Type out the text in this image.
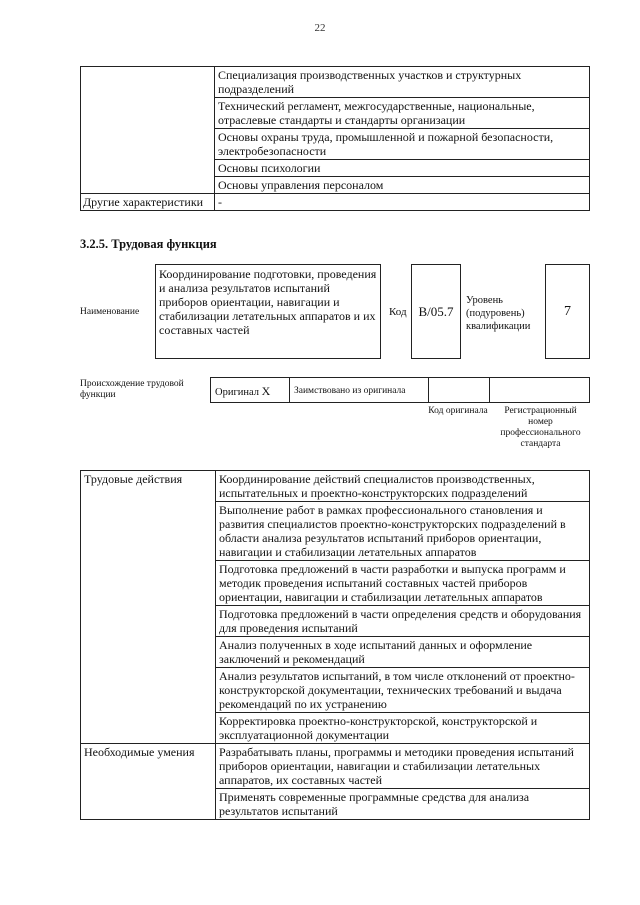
22
	Специализация производственных участков и структурных подразделений
	Технический регламент, межгосударственные, национальные, отраслевые стандарты и стандарты организации
	Основы охраны труда, промышленной и пожарной безопасности, электробезопасности
	Основы психологии
	Основы управления персоналом
Другие характеристики	-
3.2.5. Трудовая функция
Наименование
Координирование подготовки, проведения и анализа результатов испытаний приборов ориентации, навигации и стабилизации летательных аппаратов и их составных частей
Код B/05.7
Уровень (подуровень) квалификации
7
Происхождение трудовой функции	Оригинал X	Заимствовано из оригинала
Код оригинала	Регистрационный номер профессионального стандарта
Трудовые действия	Координирование действий специалистов производственных, испытательных и проектно-конструкторских подразделений
	Выполнение работ в рамках профессионального становления и развития специалистов проектно-конструкторских подразделений в области анализа результатов испытаний приборов ориентации, навигации и стабилизации летательных аппаратов
	Подготовка предложений в части разработки и выпуска программ и методик проведения испытаний составных частей приборов ориентации, навигации и стабилизации летательных аппаратов
	Подготовка предложений в части определения средств и оборудования для проведения испытаний
	Анализ полученных в ходе испытаний данных и оформление заключений и рекомендаций
	Анализ результатов испытаний, в том числе отклонений от проектно-конструкторской документации, технических требований и выдача рекомендаций по их устранению
	Корректировка проектно-конструкторской, конструкторской и эксплуатационной документации
Необходимые умения	Разрабатывать планы, программы и методики проведения испытаний приборов ориентации, навигации и стабилизации летательных аппаратов, их составных частей
	Применять современные программные средства для анализа результатов испытаний
